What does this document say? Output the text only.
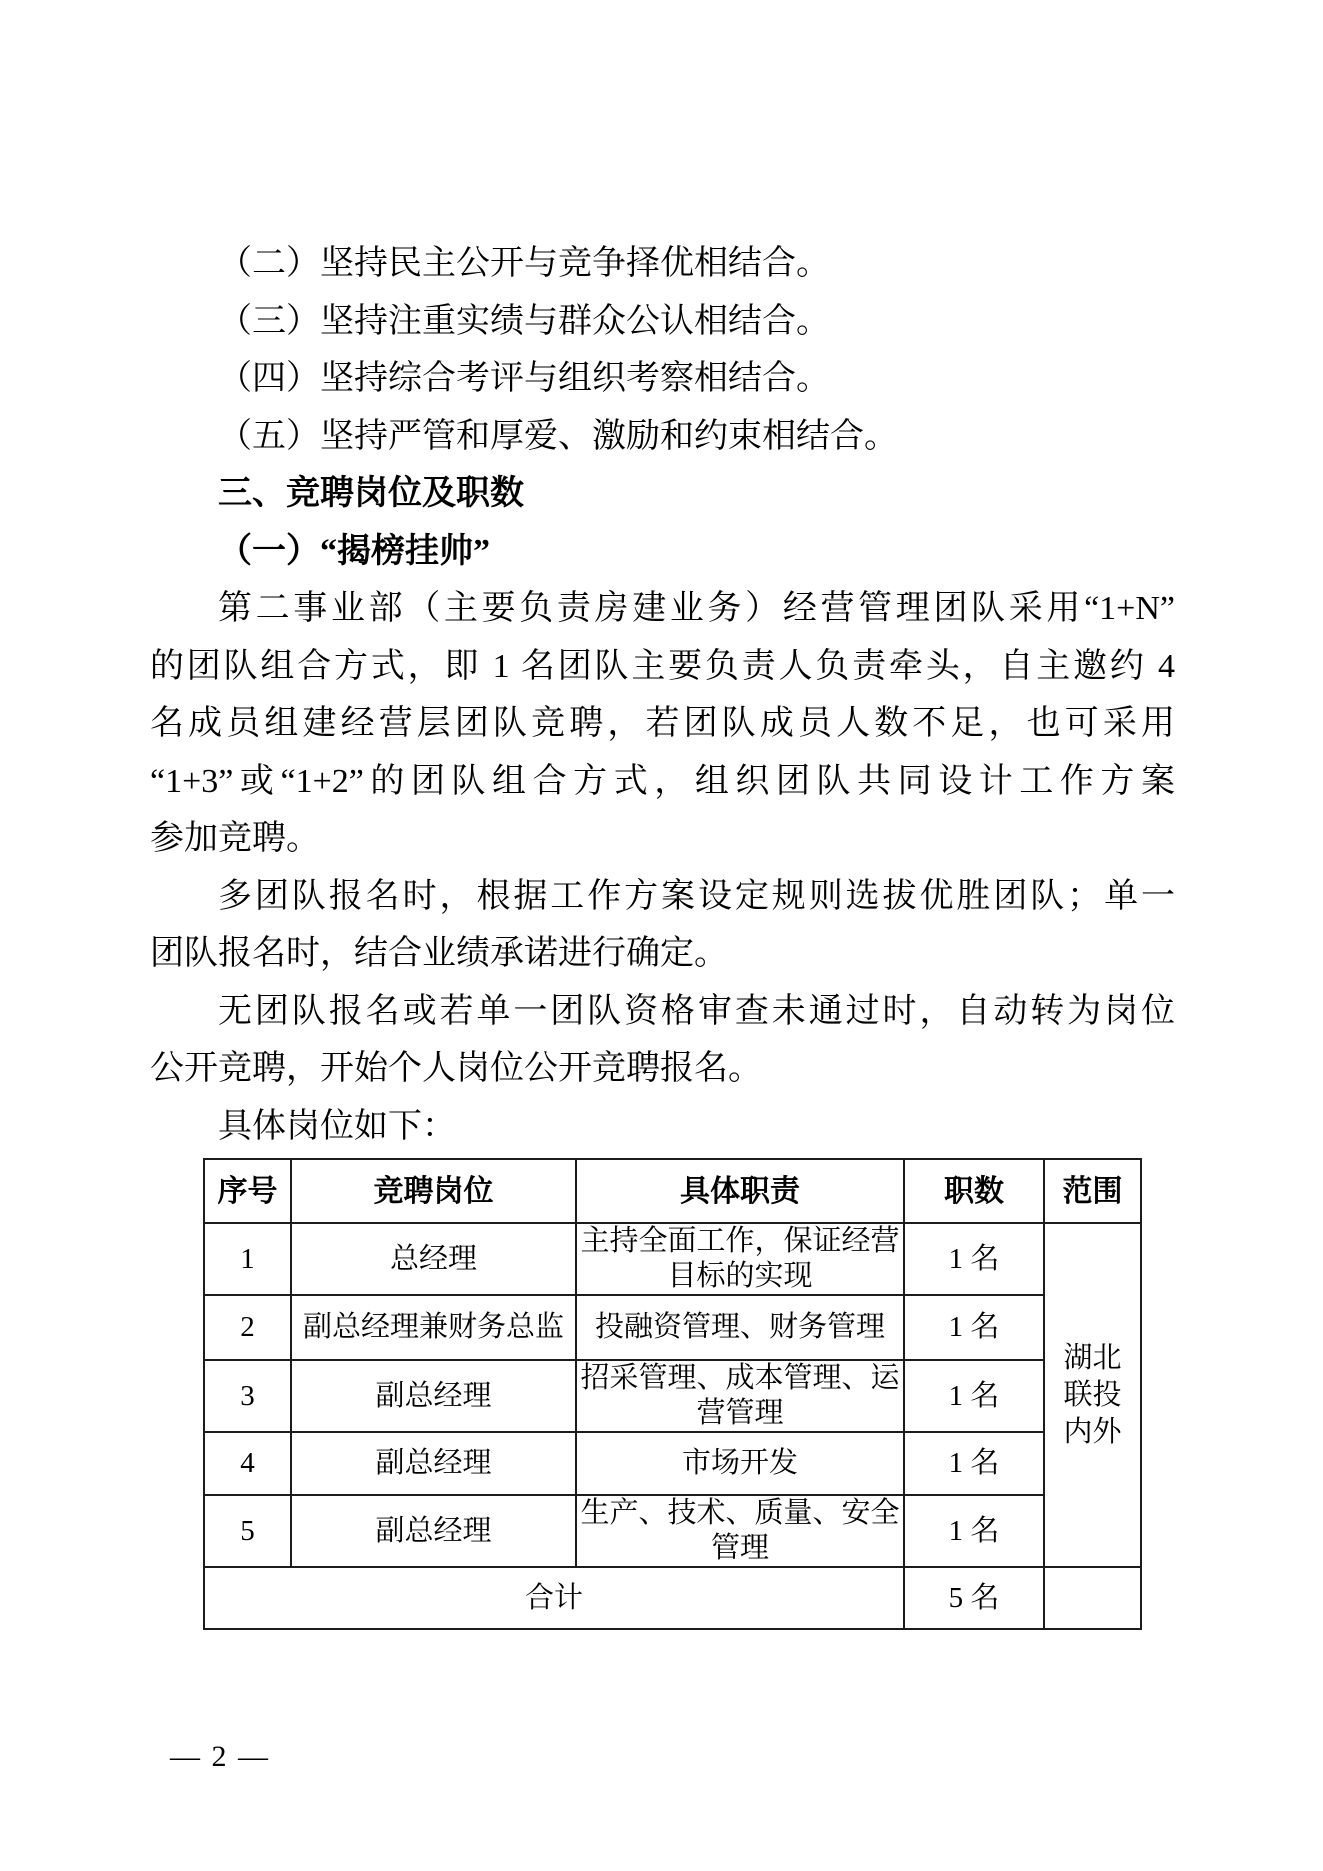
（二）坚持民主公开与竞争择优相结合。
（三）坚持注重实绩与群众公认相结合。
（四）坚持综合考评与组织考察相结合。
（五）坚持严管和厚爱、激励和约束相结合。
三、竞聘岗位及职数
（一）“揭榜挂帅”
第二事业部（主要负责房建业务）经营管理团队采用“1+N”
的团队组合方式，即 1 名团队主要负责人负责牵头，自主邀约 4
名成员组建经营层团队竞聘，若团队成员人数不足，也可采用
“1+3”或“1+2”的团队组合方式，组织团队共同设计工作方案
参加竞聘。
多团队报名时，根据工作方案设定规则选拔优胜团队；单一
团队报名时，结合业绩承诺进行确定。
无团队报名或若单一团队资格审查未通过时，自动转为岗位
公开竞聘，开始个人岗位公开竞聘报名。
具体岗位如下：
序号	竞聘岗位	具体职责	职数	范围
1	总经理	主持全面工作，保证经营目标的实现	1 名	湖北联投内外

2	副总经理兼财务总监	投融资管理、财务管理	1 名	
3	副总经理	招采管理、成本管理、运营管理	1 名	
4	副总经理	市场开发	1 名	
5	副总经理	生产、技术、质量、安全管理	1 名	
合计			5 名	
— 2 —
